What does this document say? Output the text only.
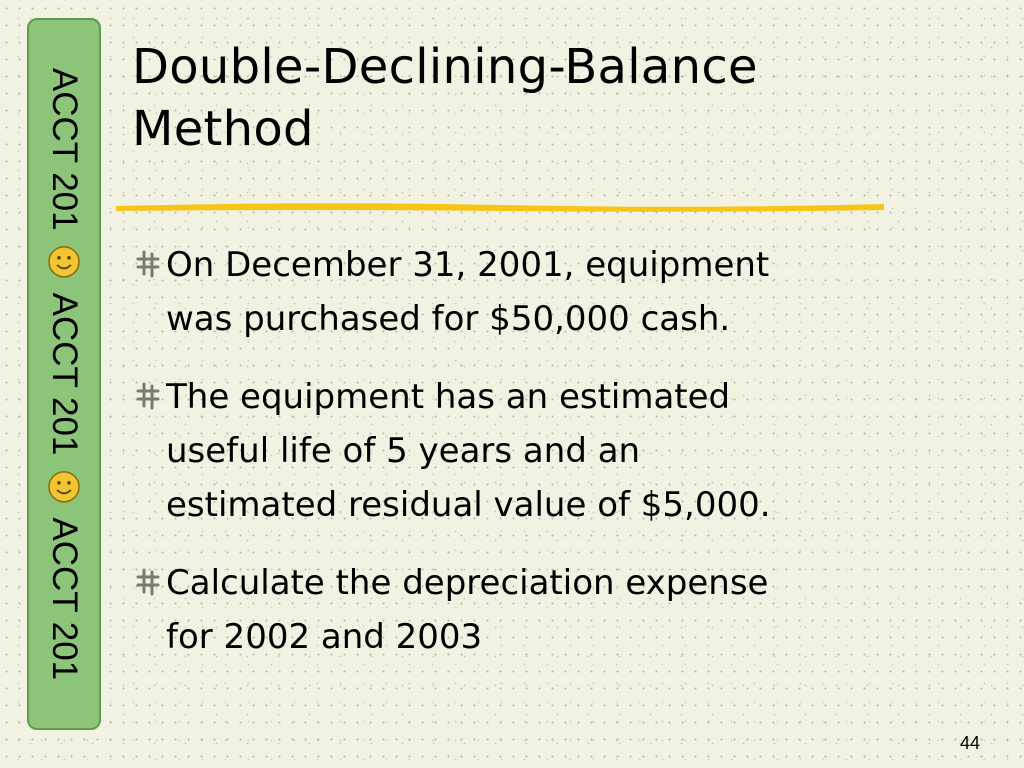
ACCT 201
ACCT 201
ACCT 201
Double-Declining-Balance
Method
On December 31, 2001, equipment
was purchased for $50,000 cash.
The equipment has an estimated
useful life of 5 years and an
estimated residual value of $5,000.
Calculate the depreciation expense
for 2002 and 2003
44
